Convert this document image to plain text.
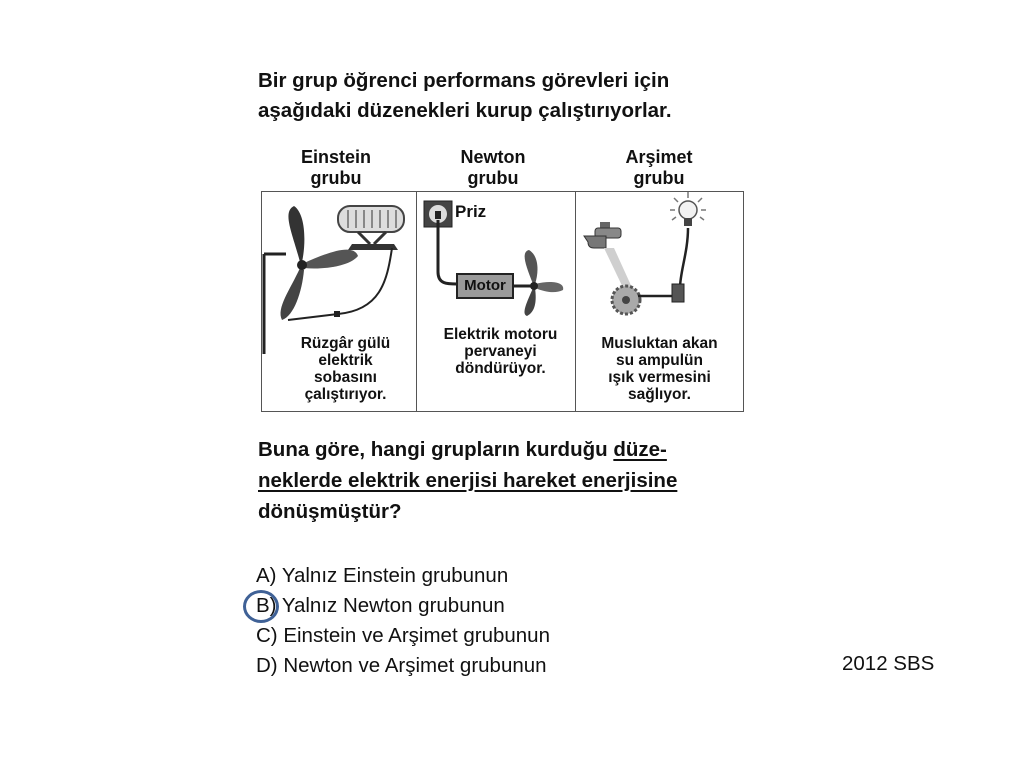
Bir grup öğrenci performans görevleri için
aşağıdaki düzenekleri kurup çalıştırıyorlar.

Einstein
grubu
Newton
grubu
Arşimet
grubu
Rüzgâr gülü
elektrik
sobasını
çalıştırıyor.
Priz
Motor
Elektrik motoru
pervaneyi
döndürüyor.
Musluktan akan
su ampulün
ışık vermesini
sağlıyor.

Buna göre, hangi grupların kurduğu düze-
neklerde elektrik enerjisi hareket enerjisine
dönüşmüştür?

A) Yalnız Einstein grubunun
B) Yalnız Newton grubunun
C) Einstein ve Arşimet grubunun
D) Newton ve Arşimet grubunun	2012 SBS
